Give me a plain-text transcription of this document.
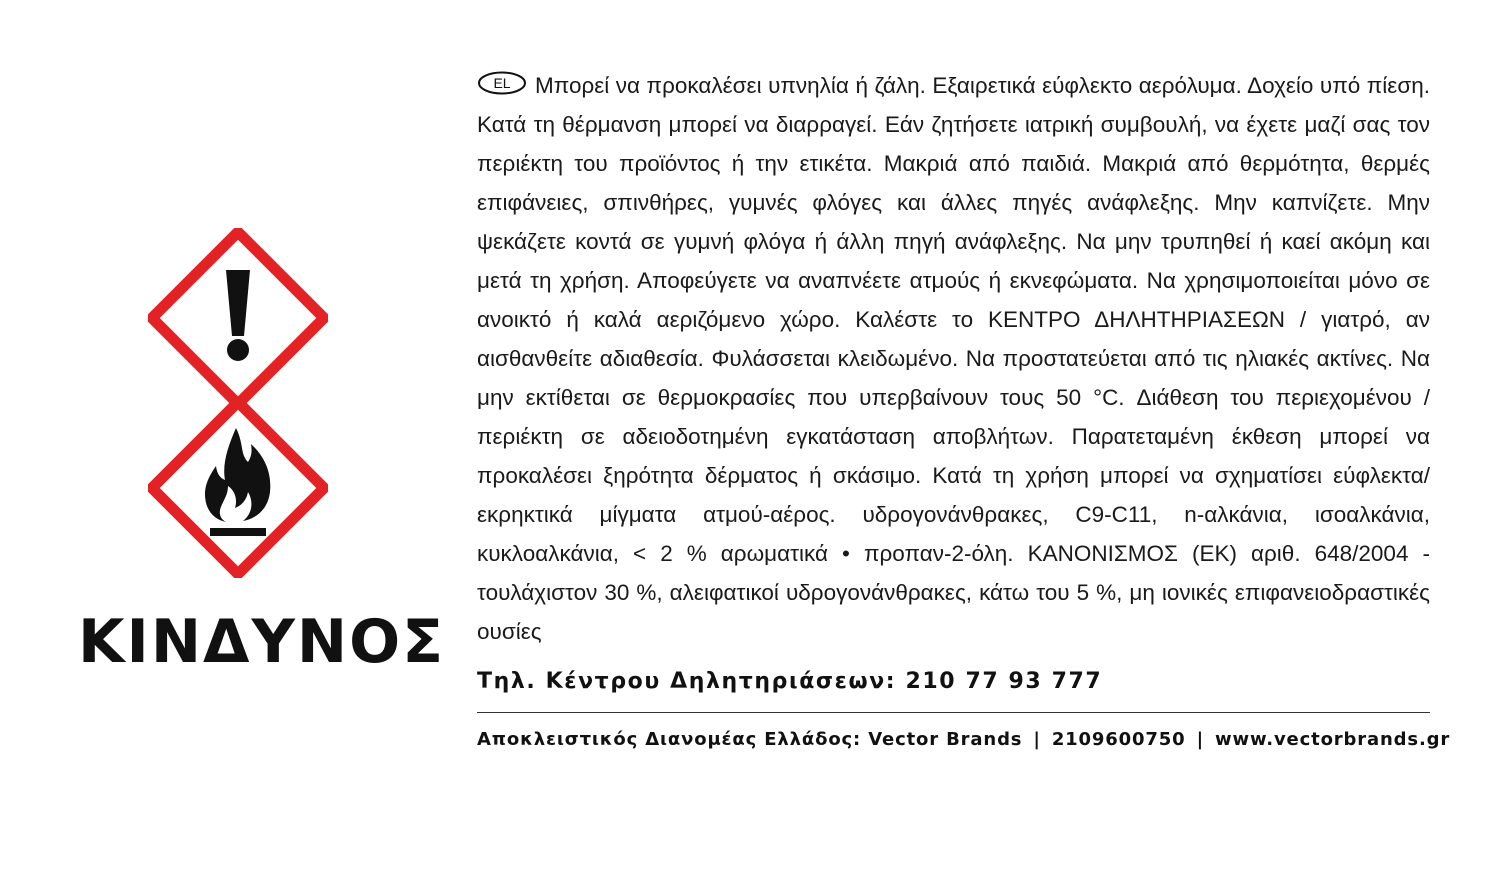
ΚΙΝΔΥΝΟΣ

EL Μπορεί να προκαλέσει υπνηλία ή ζάλη. Εξαιρετικά εύφλεκτο αερόλυμα. Δοχείο υπό πίεση. Κατά τη θέρμανση μπορεί να διαρραγεί. Εάν ζητήσετε ιατρική συμβουλή, να έχετε μαζί σας τον περιέκτη του προϊόντος ή την ετικέτα. Μακριά από παιδιά. Μακριά από θερμότητα, θερμές επιφάνειες, σπινθήρες, γυμνές φλόγες και άλλες πηγές ανάφλεξης. Μην καπνίζετε. Μην ψεκάζετε κοντά σε γυμνή φλόγα ή άλλη πηγή ανάφλεξης. Να μην τρυπηθεί ή καεί ακόμη και μετά τη χρήση. Αποφεύγετε να αναπνέετε ατμούς ή εκνεφώματα. Να χρησιμοποιείται μόνο σε ανοικτό ή καλά αεριζόμενο χώρο. Καλέστε το ΚΕΝΤΡΟ ΔΗΛΗΤΗΡΙΑΣΕΩΝ / γιατρό, αν αισθανθείτε αδιαθεσία. Φυλάσσεται κλειδωμένο. Να προστατεύεται από τις ηλιακές ακτίνες. Να μην εκτίθεται σε θερμοκρασίες που υπερβαίνουν τους 50 °C. Διάθεση του περιεχομένου / περιέκτη σε αδειοδοτημένη εγκατάσταση αποβλήτων. Παρατεταμένη έκθεση μπορεί να προκαλέσει ξηρότητα δέρματος ή σκάσιμο. Κατά τη χρήση μπορεί να σχηματίσει εύφλεκτα/εκρηκτικά μίγματα ατμού-αέρος. υδρογονάνθρακες, C9-C11, n-αλκάνια, ισοαλκάνια, κυκλοαλκάνια, < 2 % αρωματικά • προπαν-2-όλη. ΚΑΝΟΝΙΣΜΟΣ (ΕΚ) αριθ. 648/2004 - τουλάχιστον 30 %, αλειφατικοί υδρογονάνθρακες, κάτω του 5 %, μη ιονικές επιφανειοδραστικές ουσίες

Τηλ. Κέντρου Δηλητηριάσεων: 210 77 93 777
Αποκλειστικός Διανομέας Ελλάδος: Vector Brands | 2109600750 | www.vectorbrands.gr
